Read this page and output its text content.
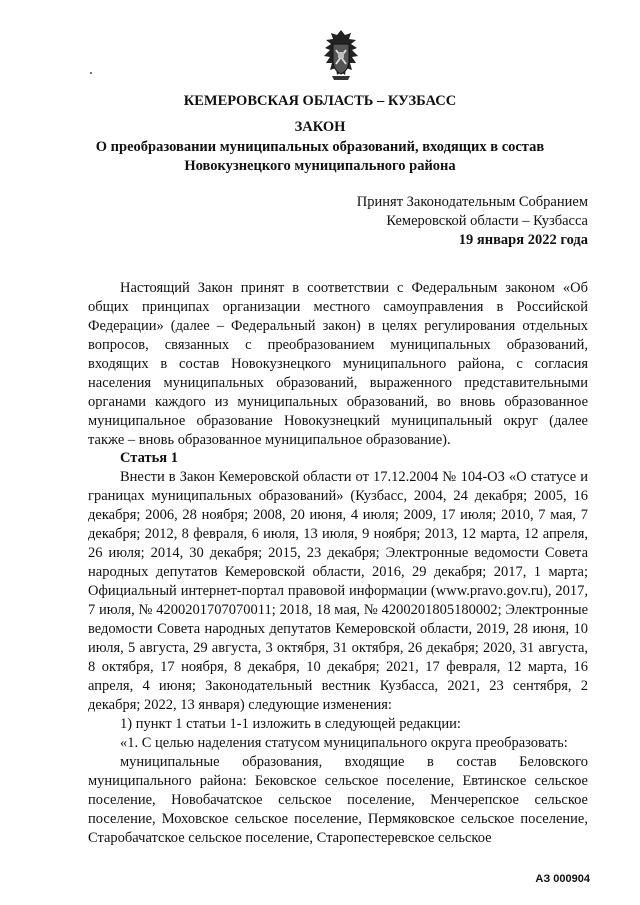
КЕМЕРОВСКАЯ ОБЛАСТЬ – КУЗБАСС
ЗАКОН
О преобразовании муниципальных образований, входящих в состав
Новокузнецкого муниципального района
Принят Законодательным Собранием
Кемеровской области – Кузбасса
19 января 2022 года

Настоящий Закон принят в соответствии с Федеральным законом «Об общих принципах организации местного самоуправления в Российской Федерации» (далее – Федеральный закон) в целях регулирования отдельных вопросов, связанных с преобразованием муниципальных образований, входящих в состав Новокузнецкого муниципального района, с согласия населения муниципальных образований, выраженного представительными органами каждого из муниципальных образований, во вновь образованное муниципальное образование Новокузнецкий муниципальный округ (далее также – вновь образованное муниципальное образование).

Статья 1

Внести в Закон Кемеровской области от 17.12.2004 № 104-ОЗ «О статусе и границах муниципальных образований» (Кузбасс, 2004, 24 декабря; 2005, 16 декабря; 2006, 28 ноября; 2008, 20 июня, 4 июля; 2009, 17 июля; 2010, 7 мая, 7 декабря; 2012, 8 февраля, 6 июля, 13 июля, 9 ноября; 2013, 12 марта, 12 апреля, 26 июля; 2014, 30 декабря; 2015, 23 декабря; Электронные ведомости Совета народных депутатов Кемеровской области, 2016, 29 декабря; 2017, 1 марта; Официальный интернет-портал правовой информации (www.pravo.gov.ru), 2017, 7 июля, № 4200201707070011; 2018, 18 мая, № 4200201805180002; Электронные ведомости Совета народных депутатов Кемеровской области, 2019, 28 июня, 10 июля, 5 августа, 29 августа, 3 октября, 31 октября, 26 декабря; 2020, 31 августа, 8 октября, 17 ноября, 8 декабря, 10 декабря; 2021, 17 февраля, 12 марта, 16 апреля, 4 июня; Законодательный вестник Кузбасса, 2021, 23 сентября, 2 декабря; 2022, 13 января) следующие изменения:

1) пункт 1 статьи 1-1 изложить в следующей редакции:

«1. С целью наделения статусом муниципального округа преобразовать:

муниципальные образования, входящие в состав Беловского муниципального района: Бековское сельское поселение, Евтинское сельское поселение, Новобачатское сельское поселение, Менчерепское сельское поселение, Моховское сельское поселение, Пермяковское сельское поселение, Старобачатское сельское поселение, Старопестеревское сельское

АЗ 000904
